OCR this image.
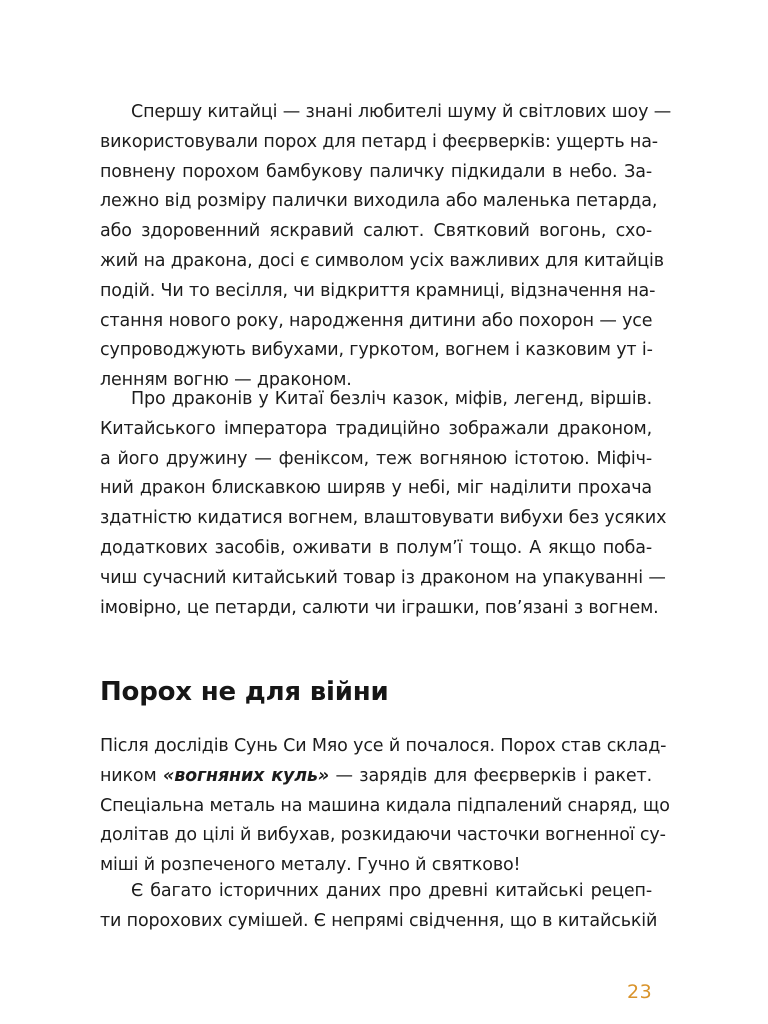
Спершу китайці — знані любителі шуму й світлових шоу —
використовували порох для петард і феєрверків: ущерть на-
повнену порохом бамбукову паличку підкидали в небо. За-
лежно від розміру палички виходила або маленька петарда,
або здоровенний яскравий салют. Святковий вогонь, схо-
жий на дракона, досі є символом усіх важливих для китайців
подій. Чи то весілля, чи відкриття крамниці, відзначення на-
стання нового року, народження дитини або похорон — усе
супроводжують вибухами, гуркотом, вогнем і казковим ут і-
ленням вогню — драконом.
Про драконів у Китаї безліч казок, міфів, легенд, віршів.
Китайського імператора традиційно зображали драконом,
а його дружину — феніксом, теж вогняною істотою. Міфіч-
ний дракон блискавкою ширяв у небі, міг наділити прохача
здатністю кидатися вогнем, влаштовувати вибухи без усяких
додаткових засобів, оживати в полум’ї тощо. А якщо поба-
чиш сучасний китайський товар із драконом на упакуванні —
імовірно, це петарди, салюти чи іграшки, пов’язані з вогнем.
Порох не для війни
Після дослідів Сунь Си Мяо усе й почалося. Порох став склад-
ником «вогняних куль» — зарядів для феєрверків і ракет.
Спеціальна металь на машина кидала підпалений снаряд, що
долітав до цілі й вибухав, розкидаючи часточки вогненної су-
міші й розпеченого металу. Гучно й святково!
Є багато історичних даних про древні китайські рецеп-
ти порохових сумішей. Є непрямі свідчення, що в китайській
23
